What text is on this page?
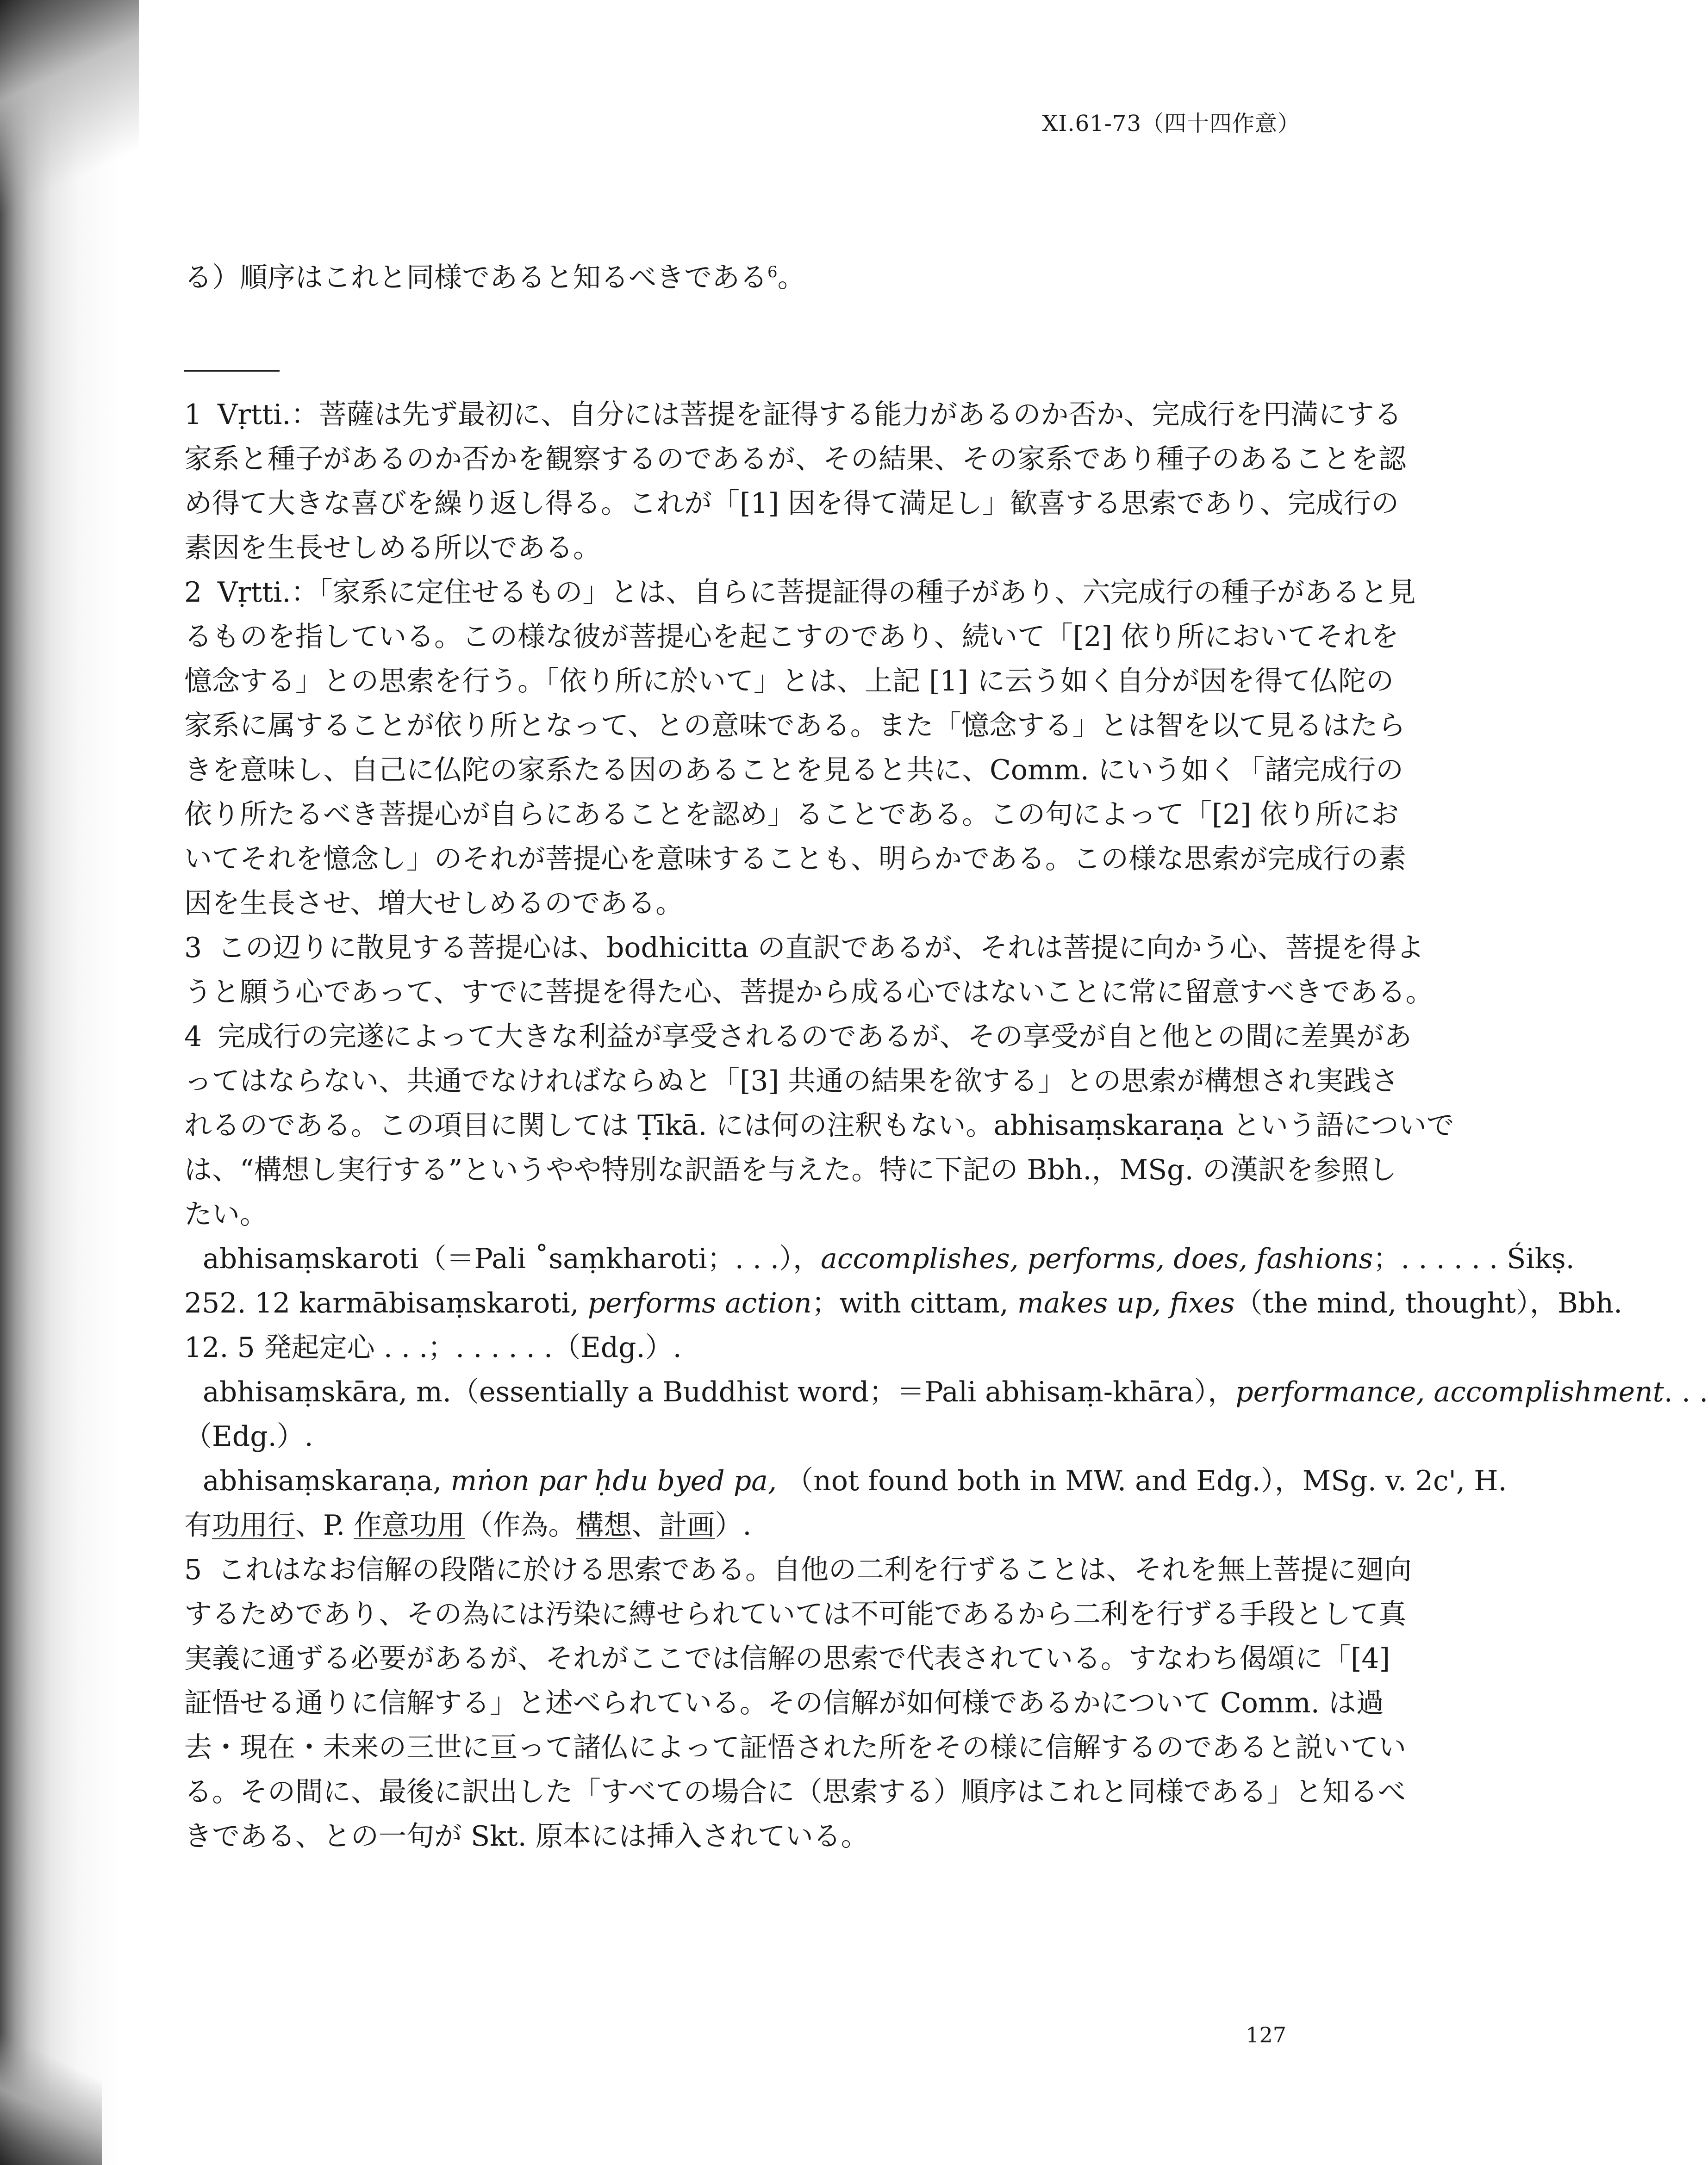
XI.61-73（四十四作意）

る）順序はこれと同様であると知るべきである$^6$。

1 Vṛtti.：菩薩は先ず最初に、自分には菩提を証得する能力があるのか否か、完成行を円満にする

家系と種子があるのか否かを観察するのであるが、その結果、その家系であり種子のあることを認

め得て大きな喜びを繰り返し得る。これが「[1] 因を得て満足し」歓喜する思索であり、完成行の

素因を生長せしめる所以である。

2 Vṛtti.：「家系に定住せるもの」とは、自らに菩提証得の種子があり、六完成行の種子があると見

るものを指している。この様な彼が菩提心を起こすのであり、続いて「[2] 依り所においてそれを

憶念する」との思索を行う。「依り所に於いて」とは、上記 [1] に云う如く自分が因を得て仏陀の

家系に属することが依り所となって、との意味である。また「憶念する」とは智を以て見るはたら

きを意味し、自己に仏陀の家系たる因のあることを見ると共に、Comm. にいう如く「諸完成行の

依り所たるべき菩提心が自らにあることを認め」ることである。この句によって「[2] 依り所にお

いてそれを憶念し」のそれが菩提心を意味することも、明らかである。この様な思索が完成行の素

因を生長させ、増大せしめるのである。

3 この辺りに散見する菩提心は、bodhicitta の直訳であるが、それは菩提に向かう心、菩提を得よ

うと願う心であって、すでに菩提を得た心、菩提から成る心ではないことに常に留意すべきである。

4 完成行の完遂によって大きな利益が享受されるのであるが、その享受が自と他との間に差異があ

ってはならない、共通でなければならぬと「[3] 共通の結果を欲する」との思索が構想され実践さ

れるのである。この項目に関しては Ṭīkā. には何の注釈もない。abhisaṃskaraṇa という語についで

は、“構想し実行する”というやや特別な訳語を与えた。特に下記の Bbh.，MSg. の漢訳を参照し

たい。

abhisaṃskaroti（＝Pali ˚saṃkharoti；. . .），accomplishes, performs, does, fashions；. . . . . . Śikṣ.

252. 12 karmābisaṃskaroti, performs action；with cittam, makes up, fixes（the mind, thought），Bbh.

12. 5 発起定心 . . .；. . . . . .（Edg.）.

abhisaṃskāra, m.（essentially a Buddhist word；＝Pali abhisaṃ-khāra），performance, accomplishment. . .

（Edg.）.

abhisaṃskaraṇa, mṅon par ḥdu byed pa, （not found both in MW. and Edg.），MSg. v. 2c', H.

有功用行、P. 作意功用（作為。構想、計画）.

5 これはなお信解の段階に於ける思索である。自他の二利を行ずることは、それを無上菩提に廻向

するためであり、その為には汚染に縛せられていては不可能であるから二利を行ずる手段として真

実義に通ずる必要があるが、それがここでは信解の思索で代表されている。すなわち偈頌に「[4]

証悟せる通りに信解する」と述べられている。その信解が如何様であるかについて Comm. は過

去・現在・未来の三世に亘って諸仏によって証悟された所をその様に信解するのであると説いてい

る。その間に、最後に訳出した「すべての場合に（思索する）順序はこれと同様である」と知るべ

きである、との一句が Skt. 原本には挿入されている。

127
